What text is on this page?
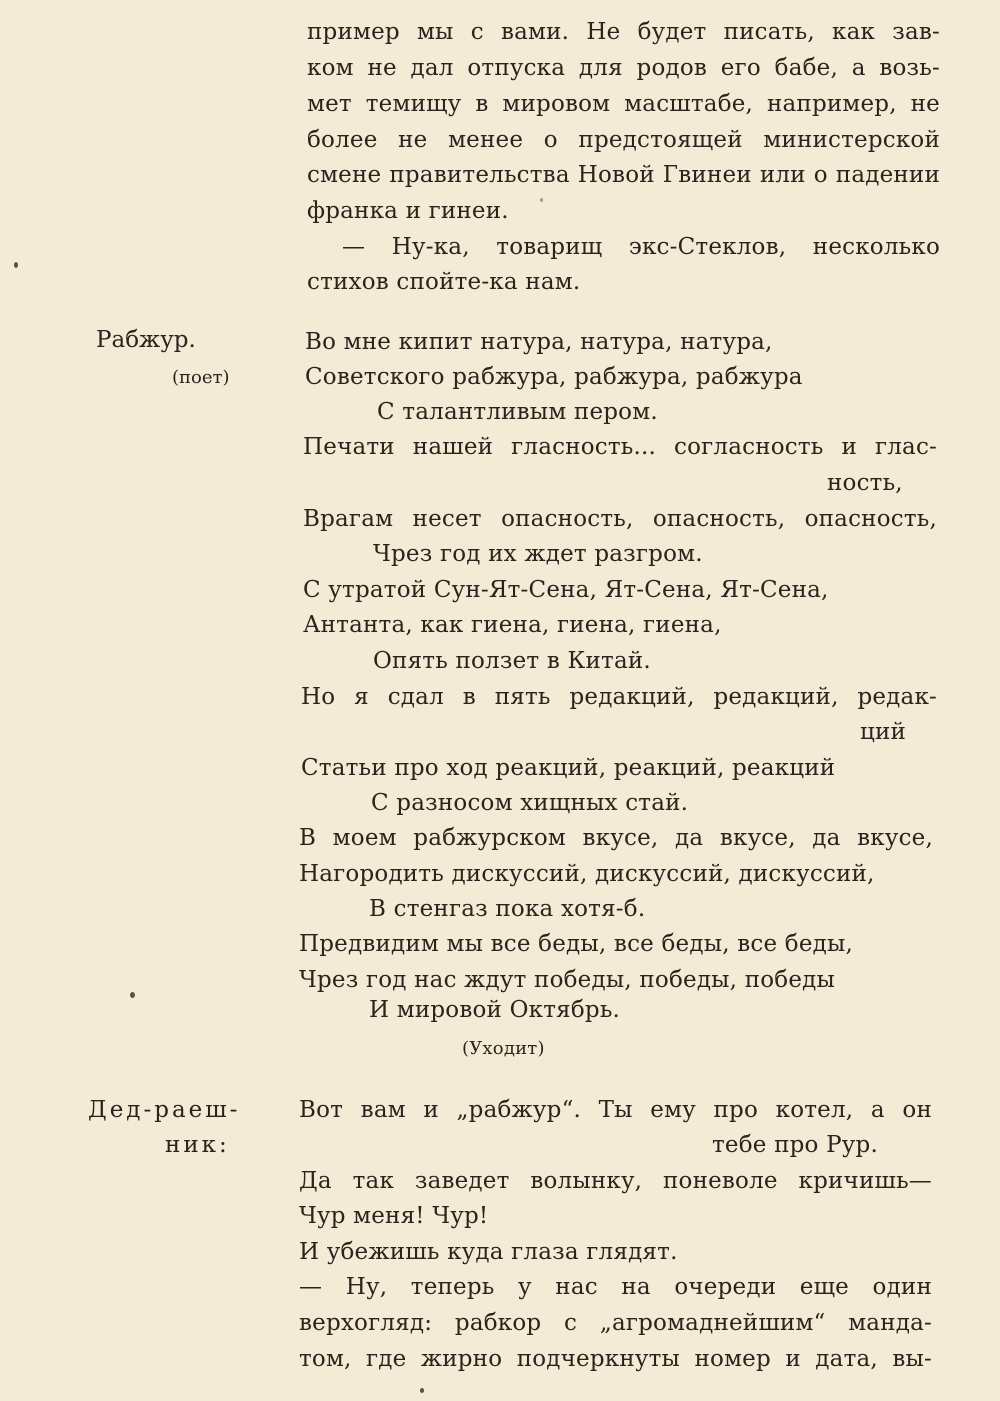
пример мы с вами. Не будет писать, как зав-
ком не дал отпуска для родов его бабе, а возь-
мет темищу в мировом масштабе, например, не
более не менее о предстоящей министерской
смене правительства Новой Гвинеи или о падении
франка и гинеи.
— Ну-ка, товарищ экс-Стеклов, несколько
стихов спойте-ка нам.
Рабжур.
(поет)
Во мне кипит натура, натура, натура,
Советского рабжура, рабжура, рабжура
С талантливым пером.
Печати нашей гласность... согласность и глас-
ность,
Врагам несет опасность, опасность, опасность,
Чрез год их ждет разгром.
С утратой Сун-Ят-Сена, Ят-Сена, Ят-Сена,
Антанта, как гиена, гиена, гиена,
Опять ползет в Китай.
Но я сдал в пять редакций, редакций, редак-
ций
Статьи про ход реакций, реакций, реакций
С разносом хищных стай.
В моем рабжурском вкусе, да вкусе, да вкусе,
Нагородить дискуссий, дискуссий, дискуссий,
В стенгаз пока хотя-б.
Предвидим мы все беды, все беды, все беды,
Чрез год нас ждут победы, победы, победы
И мировой Октябрь.
(Уходит)
Дед-раеш-
ник:
Вот вам и „рабжур“. Ты ему про котел, а он
тебе про Рур.
Да так заведет волынку, поневоле кричишь—
Чур меня! Чур!
И убежишь куда глаза глядят.
— Ну, теперь у нас на очереди еще один
верхогляд: рабкор с „агромаднейшим“ манда-
том, где жирно подчеркнуты номер и дата, вы-
